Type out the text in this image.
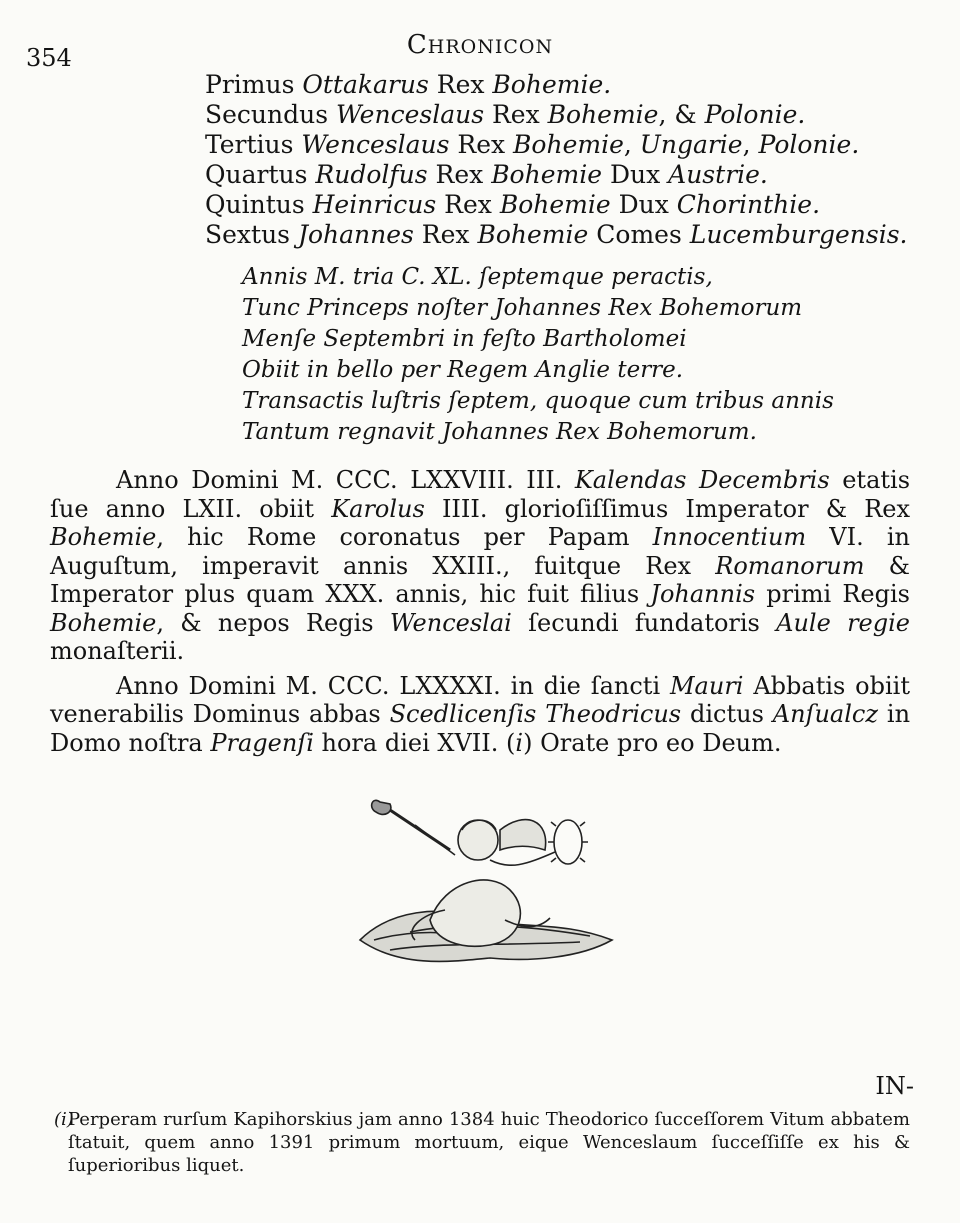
354	CHRONICON
Primus Ottakarus Rex Bohemie.
Secundus Wenceslaus Rex Bohemie, & Polonie.
Tertius Wenceslaus Rex Bohemie, Ungarie, Polonie.
Quartus Rudolfus Rex Bohemie Dux Austrie.
Quintus Heinricus Rex Bohemie Dux Chorinthie.
Sextus Johannes Rex Bohemie Comes Lucemburgensis.
Annis M. tria C. XL. ſeptemque peractis,
Tunc Princeps noſter Johannes Rex Bohemorum
Menſe Septembri in feſto Bartholomei
Obiit in bello per Regem Anglie terre.
Transactis luſtris ſeptem, quoque cum tribus annis
Tantum regnavit Johannes Rex Bohemorum.

Anno Domini M. CCC. LXXVIII. III. Kalendas Decembris etatis ſue anno LXII. obiit Karolus IIII. glorioſiſſimus Imperator & Rex Bohemie, hic Rome coronatus per Papam Innocentium VI. in Auguſtum, imperavit annis XXIII., fuitque Rex Romanorum & Imperator plus quam XXX. annis, hic fuit filius Johannis primi Regis Bohemie, & nepos Regis Wenceslai ſecundi fundatoris Aule regie monaſterii.

Anno Domini M. CCC. LXXXXI. in die ſancti Mauri Abbatis obiit venerabilis Dominus abbas Scedlicenſis Theodricus dictus Anſualcz in Domo noſtra Pragenſi hora diei XVII. (i) Orate pro eo Deum.

IN-
(i)

Perperam rurſum Kapihorskius jam anno 1384 huic Theodorico ſucceſſorem Vitum abbatem ſtatuit, quem anno 1391 primum mortuum, eique Wenceslaum ſucceſſiſſe ex his & ſuperioribus liquet.
